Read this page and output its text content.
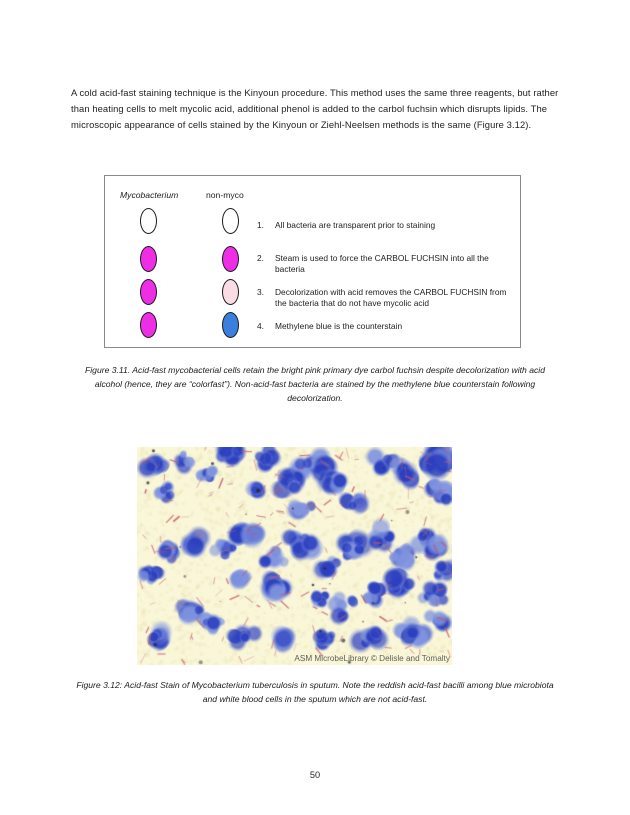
A cold acid-fast staining technique is the Kinyoun procedure. This method uses the same three reagents, but rather than heating cells to melt mycolic acid, additional phenol is added to the carbol fuchsin which disrupts lipids. The microscopic appearance of cells stained by the Kinyoun or Ziehl-Neelsen methods is the same (Figure 3.12).
Mycobacterium	non-myco
1. All bacteria are transparent prior to staining
2. Steam is used to force the CARBOL FUCHSIN into all the bacteria
3. Decolorization with acid removes the CARBOL FUCHSIN from the bacteria that do not have mycolic acid
4. Methylene blue is the counterstain
Figure 3.11. Acid-fast mycobacterial cells retain the bright pink primary dye carbol fuchsin despite decolorization with acid alcohol (hence, they are “colorfast”). Non-acid-fast bacteria are stained by the methylene blue counterstain following decolorization.
ASM MicrobeLibrary © Delisle and Tomalty
Figure 3.12: Acid-fast Stain of Mycobacterium tuberculosis in sputum. Note the reddish acid-fast bacilli among blue microbiota and white blood cells in the sputum which are not acid-fast.
50
